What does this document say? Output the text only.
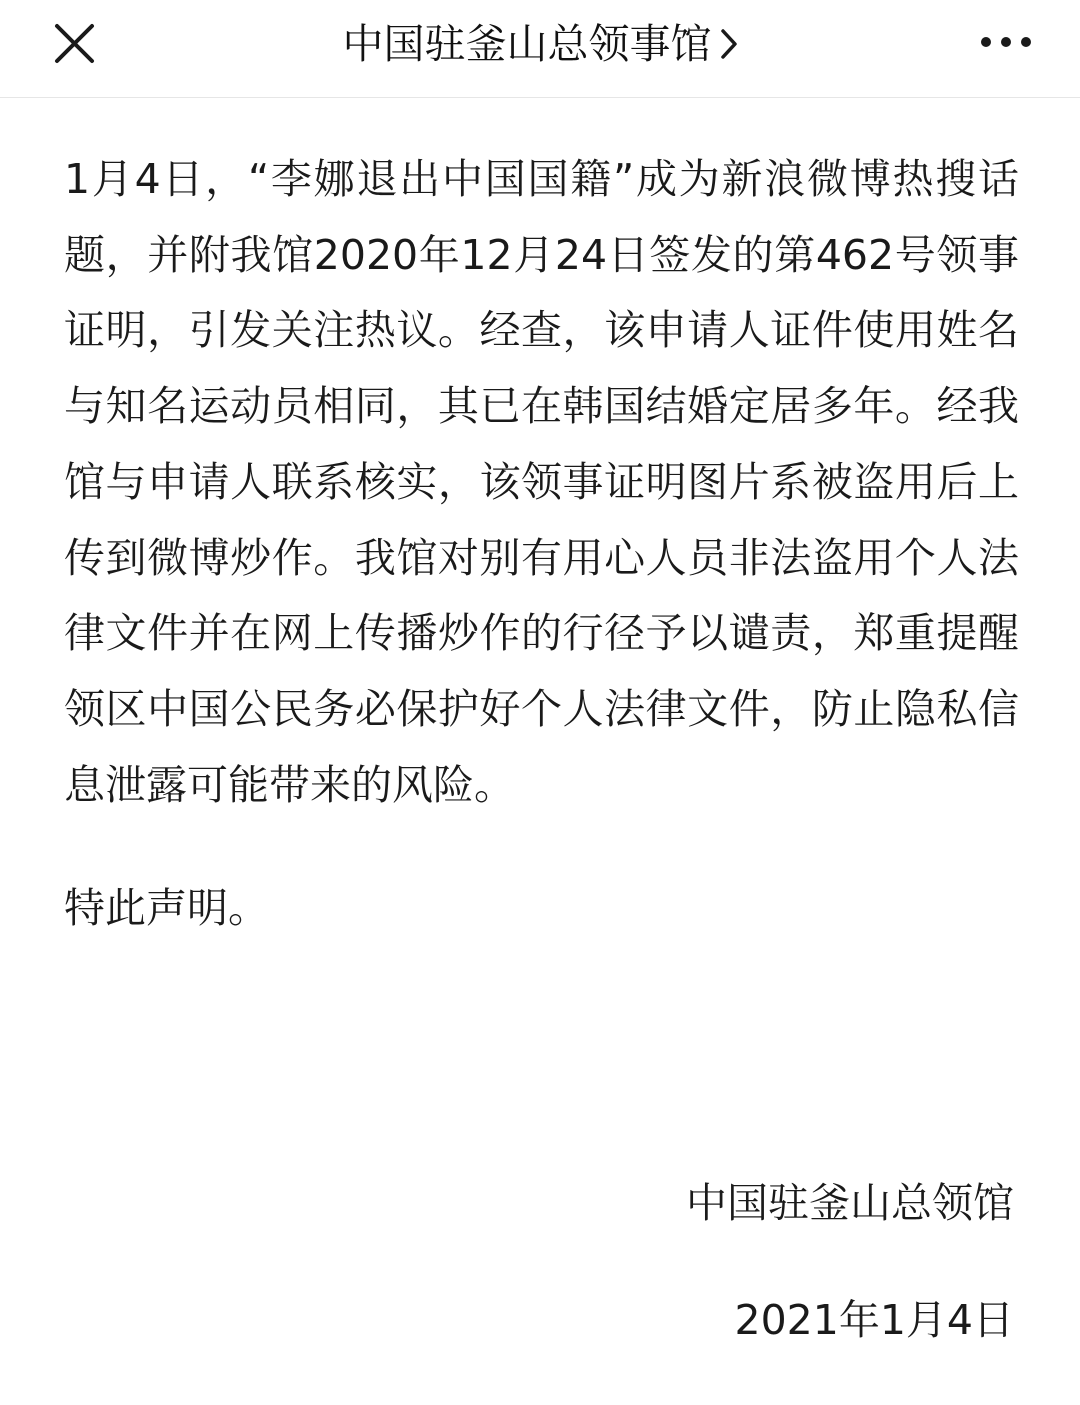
中国驻釜山总领事馆

1月4日，“李娜退出中国国籍”成为新浪微博热搜话题，并附我馆2020年12月24日签发的第462号领事证明，引发关注热议。经查，该申请人证件使用姓名与知名运动员相同，其已在韩国结婚定居多年。经我馆与申请人联系核实，该领事证明图片系被盗用后上传到微博炒作。我馆对别有用心人员非法盗用个人法律文件并在网上传播炒作的行径予以谴责，郑重提醒领区中国公民务必保护好个人法律文件，防止隐私信息泄露可能带来的风险。

特此声明。

中国驻釜山总领馆
2021年1月4日
